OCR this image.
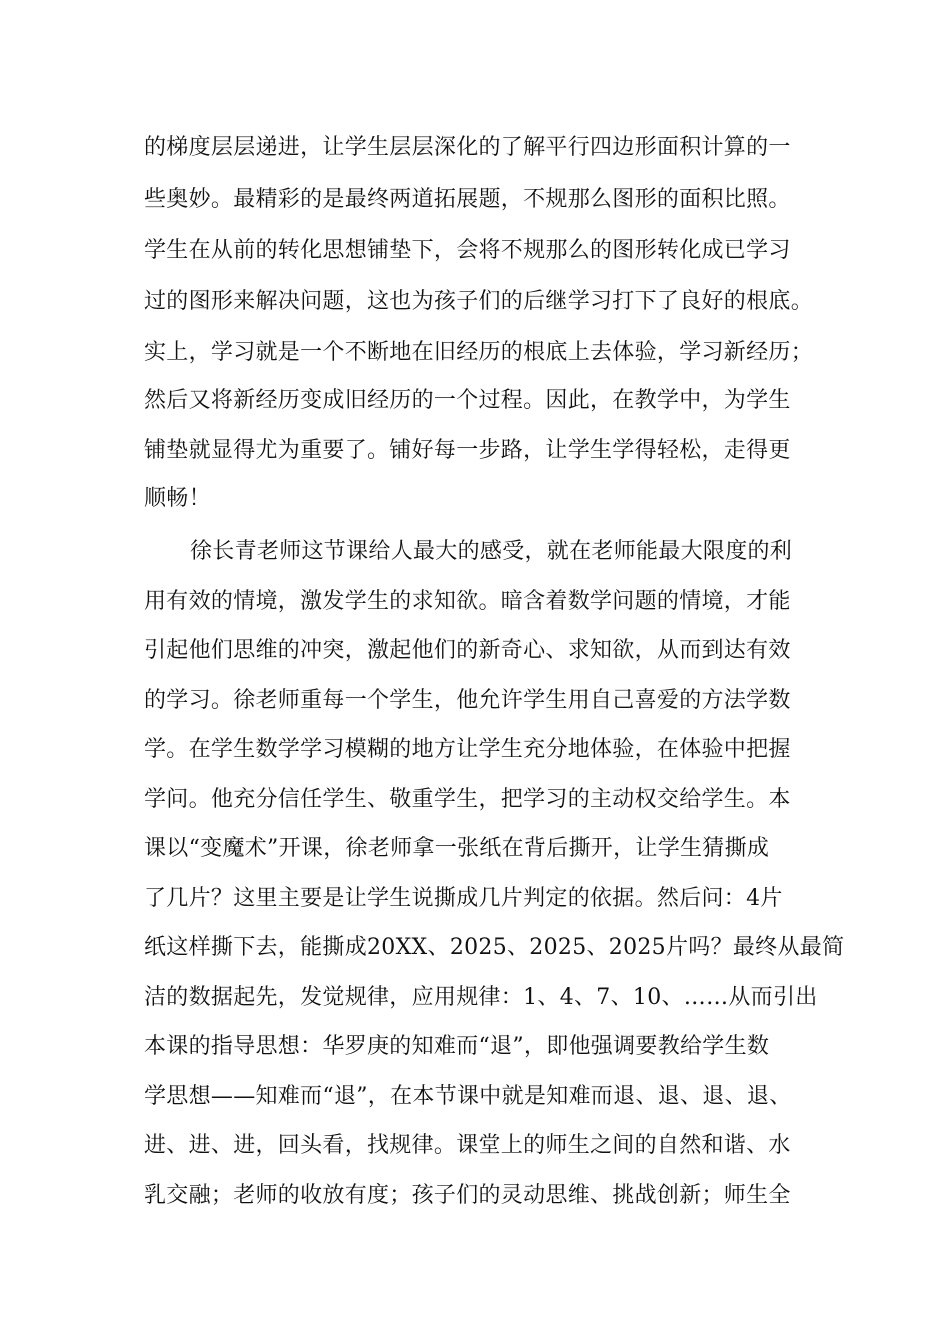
的梯度层层递进，让学生层层深化的了解平行四边形面积计算的一
些奥妙。最精彩的是最终两道拓展题，不规那么图形的面积比照。
学生在从前的转化思想铺垫下，会将不规那么的图形转化成已学习
过的图形来解决问题，这也为孩子们的后继学习打下了良好的根底。
实上，学习就是一个不断地在旧经历的根底上去体验，学习新经历；
然后又将新经历变成旧经历的一个过程。因此，在教学中，为学生
铺垫就显得尤为重要了。铺好每一步路，让学生学得轻松，走得更
顺畅！
徐长青老师这节课给人最大的感受，就在老师能最大限度的利
用有效的情境，激发学生的求知欲。暗含着数学问题的情境，才能
引起他们思维的冲突，激起他们的新奇心、求知欲，从而到达有效
的学习。徐老师重每一个学生，他允许学生用自己喜爱的方法学数
学。在学生数学学习模糊的地方让学生充分地体验，在体验中把握
学问。他充分信任学生、敬重学生，把学习的主动权交给学生。本
课以“变魔术”开课，徐老师拿一张纸在背后撕开，让学生猜撕成
了几片？这里主要是让学生说撕成几片判定的依据。然后问：4片
纸这样撕下去，能撕成20XX、2025、2025、2025片吗？最终从最简
洁的数据起先，发觉规律，应用规律：1、4、7、10、……从而引出
本课的指导思想：华罗庚的知难而“退”，即他强调要教给学生数
学思想——知难而“退”，在本节课中就是知难而退、退、退、退、
进、进、进，回头看，找规律。课堂上的师生之间的自然和谐、水
乳交融；老师的收放有度；孩子们的灵动思维、挑战创新；师生全
